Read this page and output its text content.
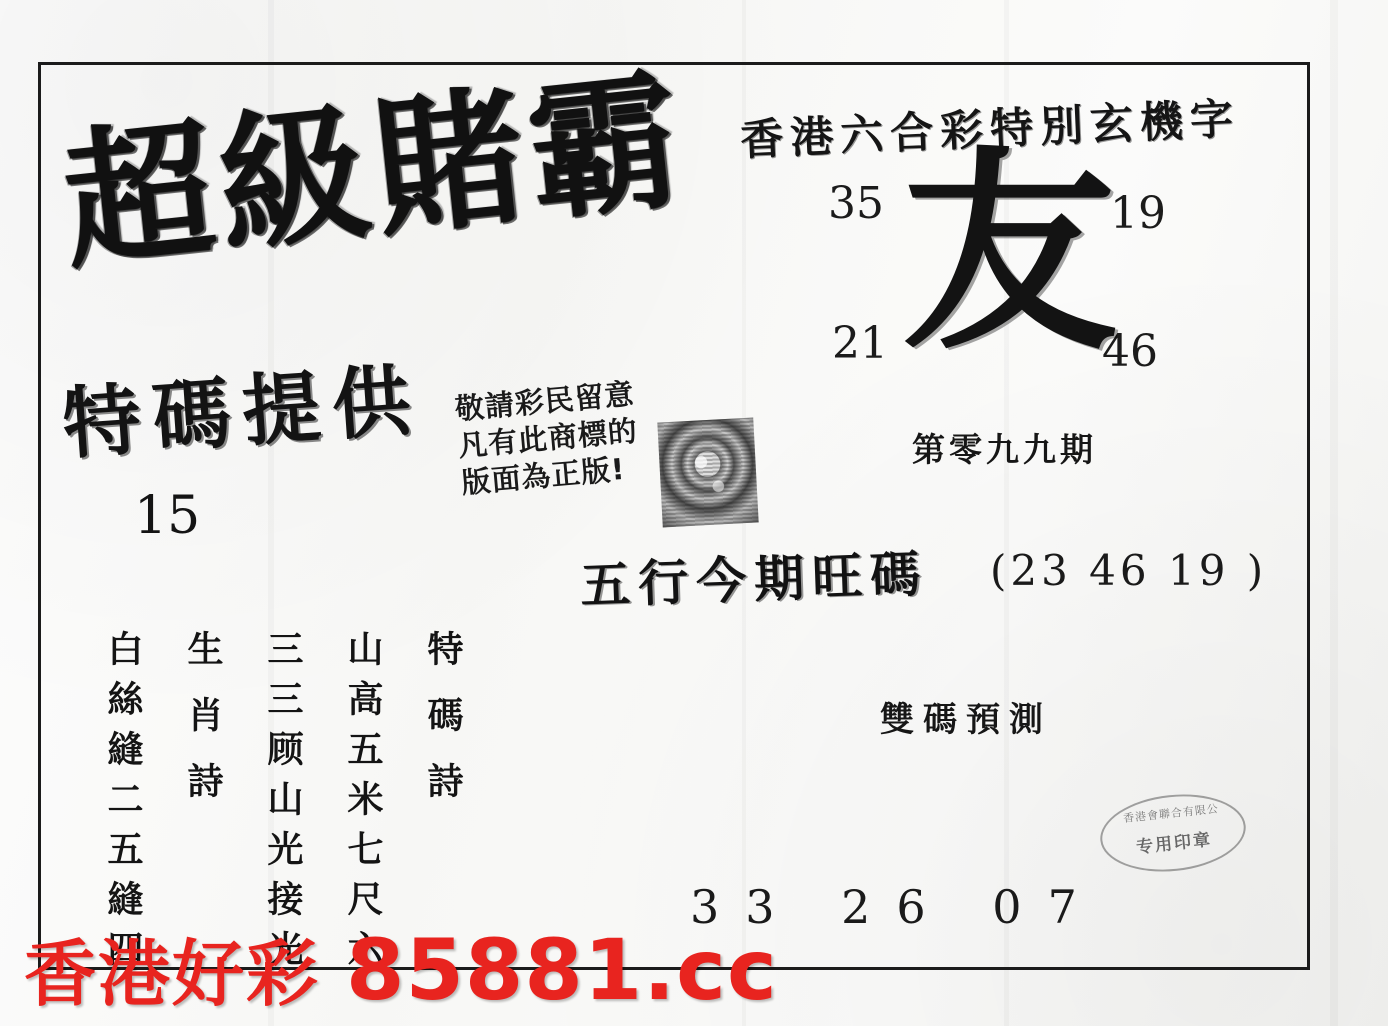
超級賭霸
特碼提供
15
敬請彩民留意
凡有此商標的
版面為正版!
香港六合彩特別玄機字
35	19
21	46
友
第零九九期
五行今期旺碼 (23 46 19 )
特碼詩
山高五米七尺六
三三顾山光接光
生肖詩
白絲縫二五縫四	雙碼預測
33 26 07
香港會聯合有限公
专用印章
香港好彩 85881.cc
